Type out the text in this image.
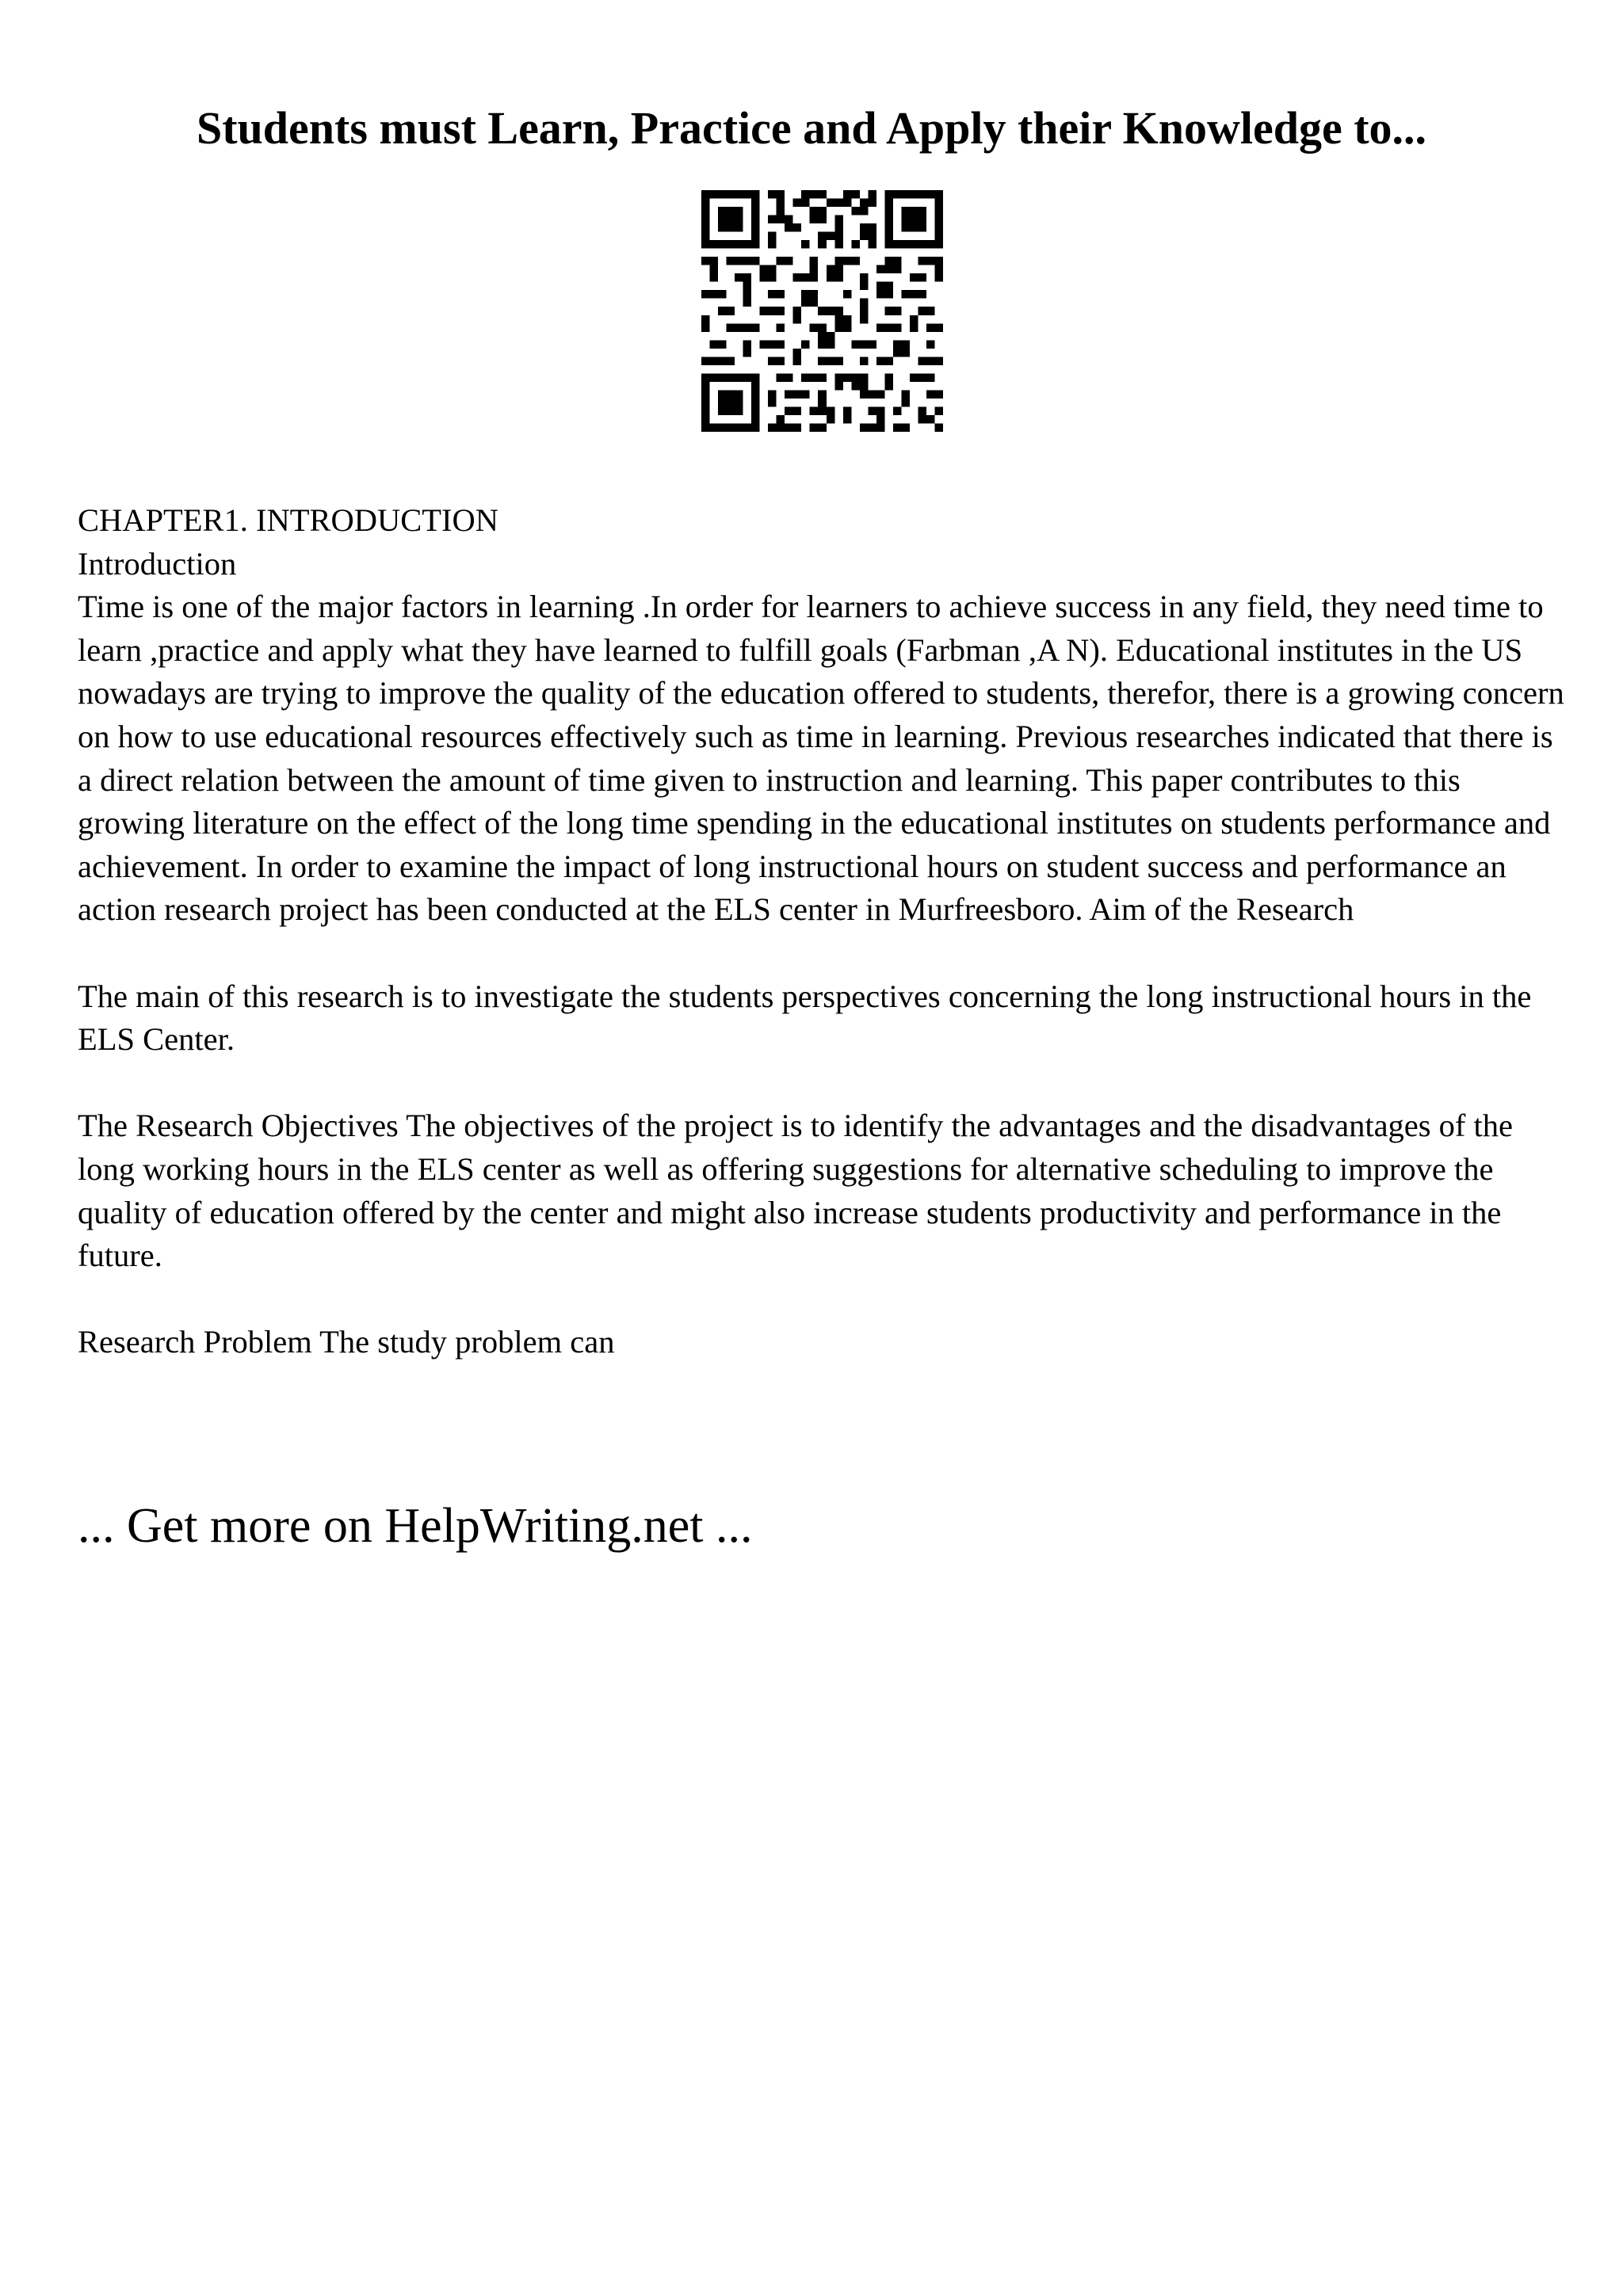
Students must Learn, Practice and Apply their Knowledge to...

CHAPTER1. INTRODUCTION

Introduction

Time is one of the major factors in learning .In order for learners to achieve success in any field, they need time to learn ,practice and apply what they have learned to fulfill goals (Farbman ,A N). Educational institutes in the US nowadays are trying to improve the quality of the education offered to students, therefor, there is a growing concern on how to use educational resources effectively such as time in learning. Previous researches indicated that there is a direct relation between the amount of time given to instruction and learning. This paper contributes to this growing literature on the effect of the long time spending in the educational institutes on students performance and achievement. In order to examine the impact of long instructional hours on student success and performance an action research project has been conducted at the ELS center in Murfreesboro. Aim of the Research

The main of this research is to investigate the students perspectives concerning the long instructional hours in the ELS Center.

The Research Objectives The objectives of the project is to identify the advantages and the disadvantages of the long working hours in the ELS center as well as offering suggestions for alternative scheduling to improve the quality of education offered by the center and might also increase students productivity and performance in the future.

Research Problem The study problem can

... Get more on HelpWriting.net ...
